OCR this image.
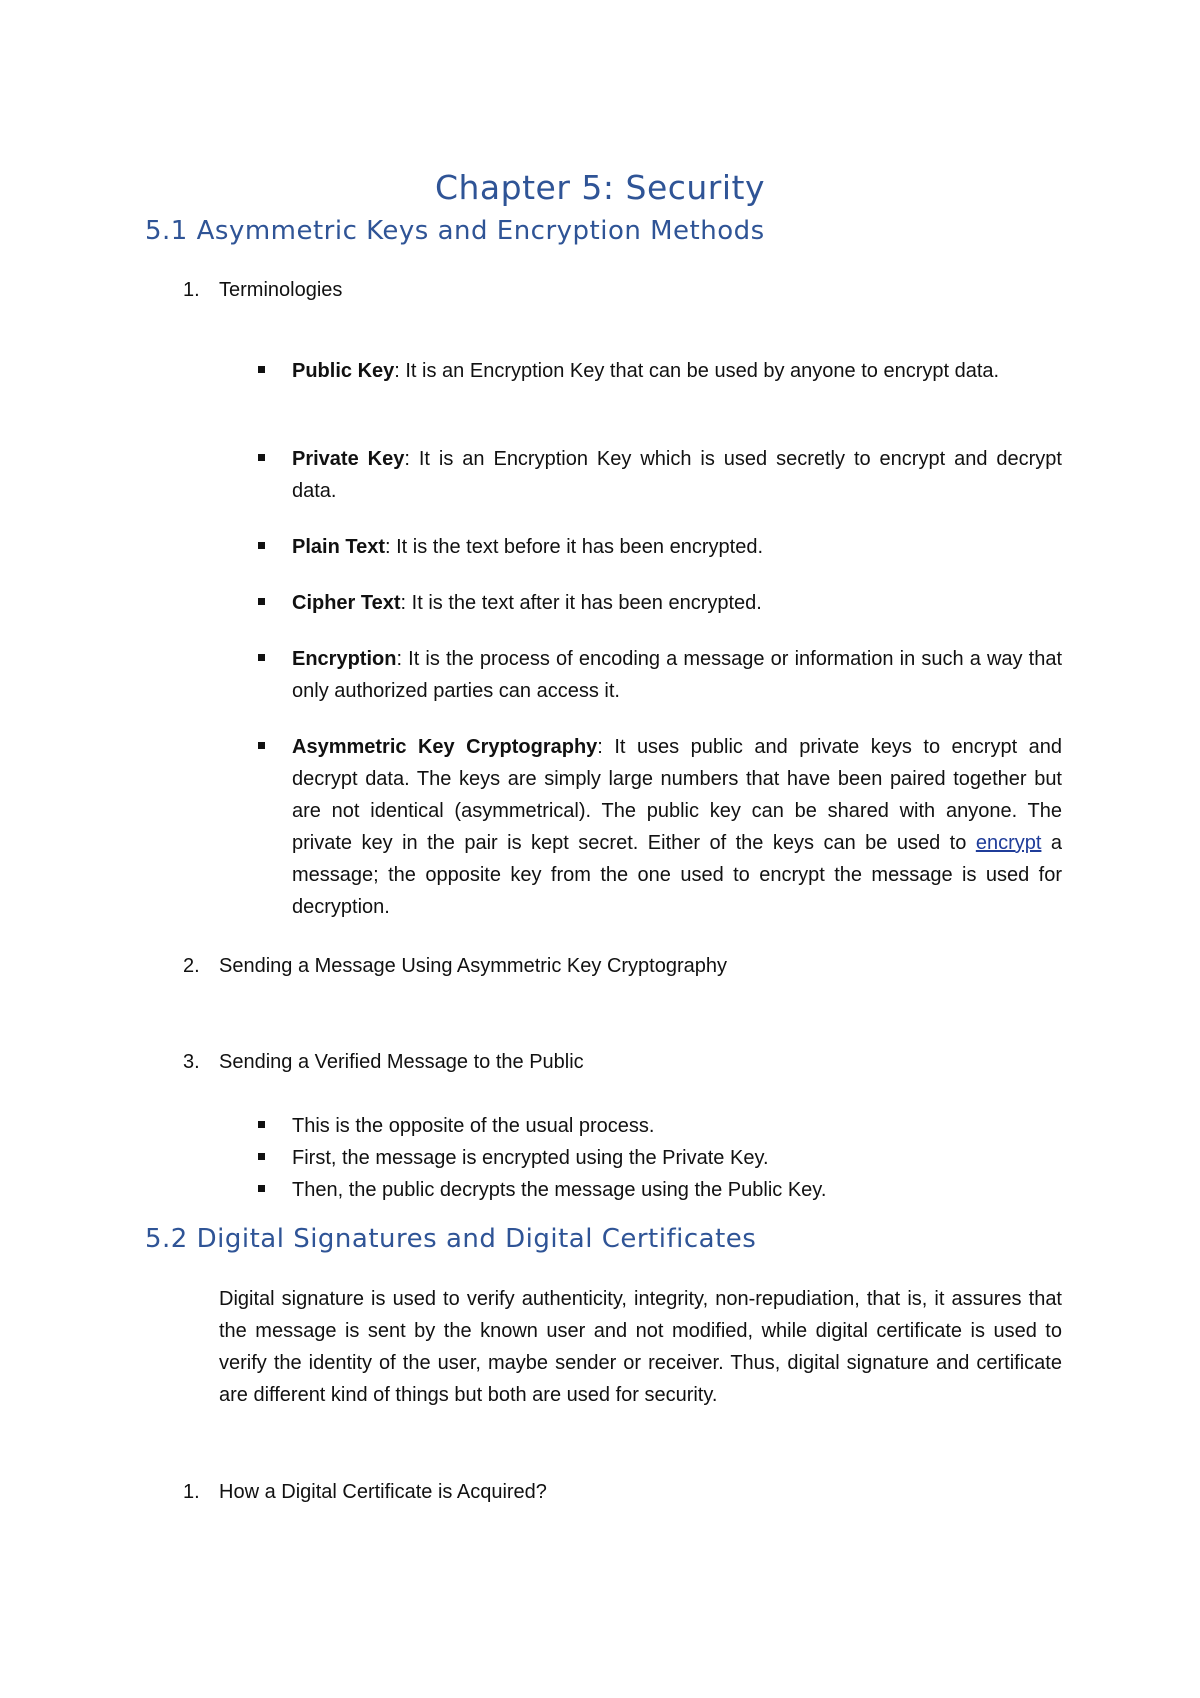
Chapter 5: Security
5.1 Asymmetric Keys and Encryption Methods

1. Terminologies

Public Key: It is an Encryption Key that can be used by anyone to encrypt data.

Private Key: It is an Encryption Key which is used secretly to encrypt and decrypt data.

Plain Text: It is the text before it has been encrypted.

Cipher Text: It is the text after it has been encrypted.

Encryption: It is the process of encoding a message or information in such a way that only authorized parties can access it.

Asymmetric Key Cryptography: It uses public and private keys to encrypt and decrypt data. The keys are simply large numbers that have been paired together but are not identical (asymmetrical). The public key can be shared with anyone. The private key in the pair is kept secret. Either of the keys can be used to encrypt a message; the opposite key from the one used to encrypt the message is used for decryption.

2. Sending a Message Using Asymmetric Key Cryptography

3. Sending a Verified Message to the Public

This is the opposite of the usual process.

First, the message is encrypted using the Private Key.

Then, the public decrypts the message using the Public Key.

5.2 Digital Signatures and Digital Certificates

Digital signature is used to verify authenticity, integrity, non-repudiation, that is, it assures that the message is sent by the known user and not modified, while digital certificate is used to verify the identity of the user, maybe sender or receiver. Thus, digital signature and certificate are different kind of things but both are used for security.

1. How a Digital Certificate is Acquired?
